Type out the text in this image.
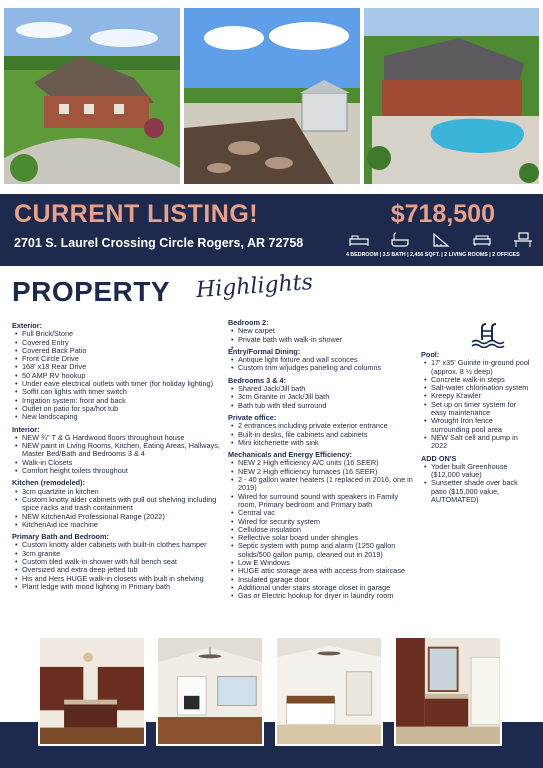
CURRENT LISTING!	$718,500
2701 S. Laurel Crossing Circle Rogers, AR 72758
4 BEDROOM | 3.5 BATH | 2,456 SQFT. | 2 LIVING ROOMS | 2 OFFICES
PROPERTY Highlights
Exterior:
• Full Brick/Stone
• Covered Entry
• Covered Back Patio
• Front Circle Drive
• 168' x18 Rear Drive
• 50 AMP RV hookup
• Under eave electrical outlets with timer (for holiday lighting)
• Soffit can lights with timer switch
• Irrigation system: front and back
• Outlet on patio for spa/hot tub
• New landscaping
Interior:
• NEW ¾" T & G Hardwood floors throughout house
• NEW paint in Living Rooms, Kitchen, Eating Areas, Hallways, Master Bed/Bath and Bedrooms 3 & 4
• Walk-in Closets
• Comfort height toilets throughout
Kitchen (remodeled):
• 3cm quartzite in kitchen
• Custom knotty alder cabinets with pull out shelving including spice racks and trash containment
• NEW KitchenAid Professional Range (2022)
• KitchenAid ice machine
Primary Bath and Bedroom:
• Custom knotty alder cabinets with built-in clothes hamper
• 3cm granite
• Custom tiled walk-in shower with full bench seat
• Oversized and extra deep jetted tub
• His and Hers HUGE walk-in closets with built in shelving
• Plant ledge with mood lighting in Primary bath
Bedroom 2:
• New carpet
• Private bath with walk-in shower
Entry/Formal Dining:
• Antique light fixture and wall sconces
• Custom trim w/judges paneling and columns
Bedrooms 3 & 4:
• Shared Jack/Jill bath
• 3cm Granite in Jack/Jill bath
• Bath tub with tiled surround
Private office:
• 2 entrances including private exterior entrance
• Built-in desks, file cabinets and cabinets
• Mini kitchenette with sink
Mechanicals and Energy Efficiency:
• NEW 2 High efficiency A/C units (16 SEER)
• NEW 2 High efficiency furnaces (16 SEER)
• 2 - 40 gallon water heaters (1 replaced in 2016, one in 2019)
• Wired for surround sound with speakers in Family room, Primary bedroom and Primary bath
• Central vac
• Wired for security system
• Cellulose insulation
• Reflective solar board under shingles
• Septic system with pump and alarm (1250 gallon solids/500 gallon pump, cleaned out in 2019)
• Low E Windows
• HUGE attic storage area with access from staircase
• Insulated garage door
• Additional under stairs storage closet in garage
• Gas or Electric hookup for dryer in laundry room
Pool:
• 17' x35' Guinite in-ground pool (approx. 8 ½ deep)
• Concrete walk-in steps
• Salt-water chlorination system
• Kreepy Krawler
• Set up on timer system for easy maintenance
• Wrought Iron fence surrounding pool area
• NEW Salt cell and pump in 2022
ADD ON'S
• Yoder built Greenhouse ($12,000 value)
• Sunsetter shade over back patio ($15,000 value, AUTOMATED)
